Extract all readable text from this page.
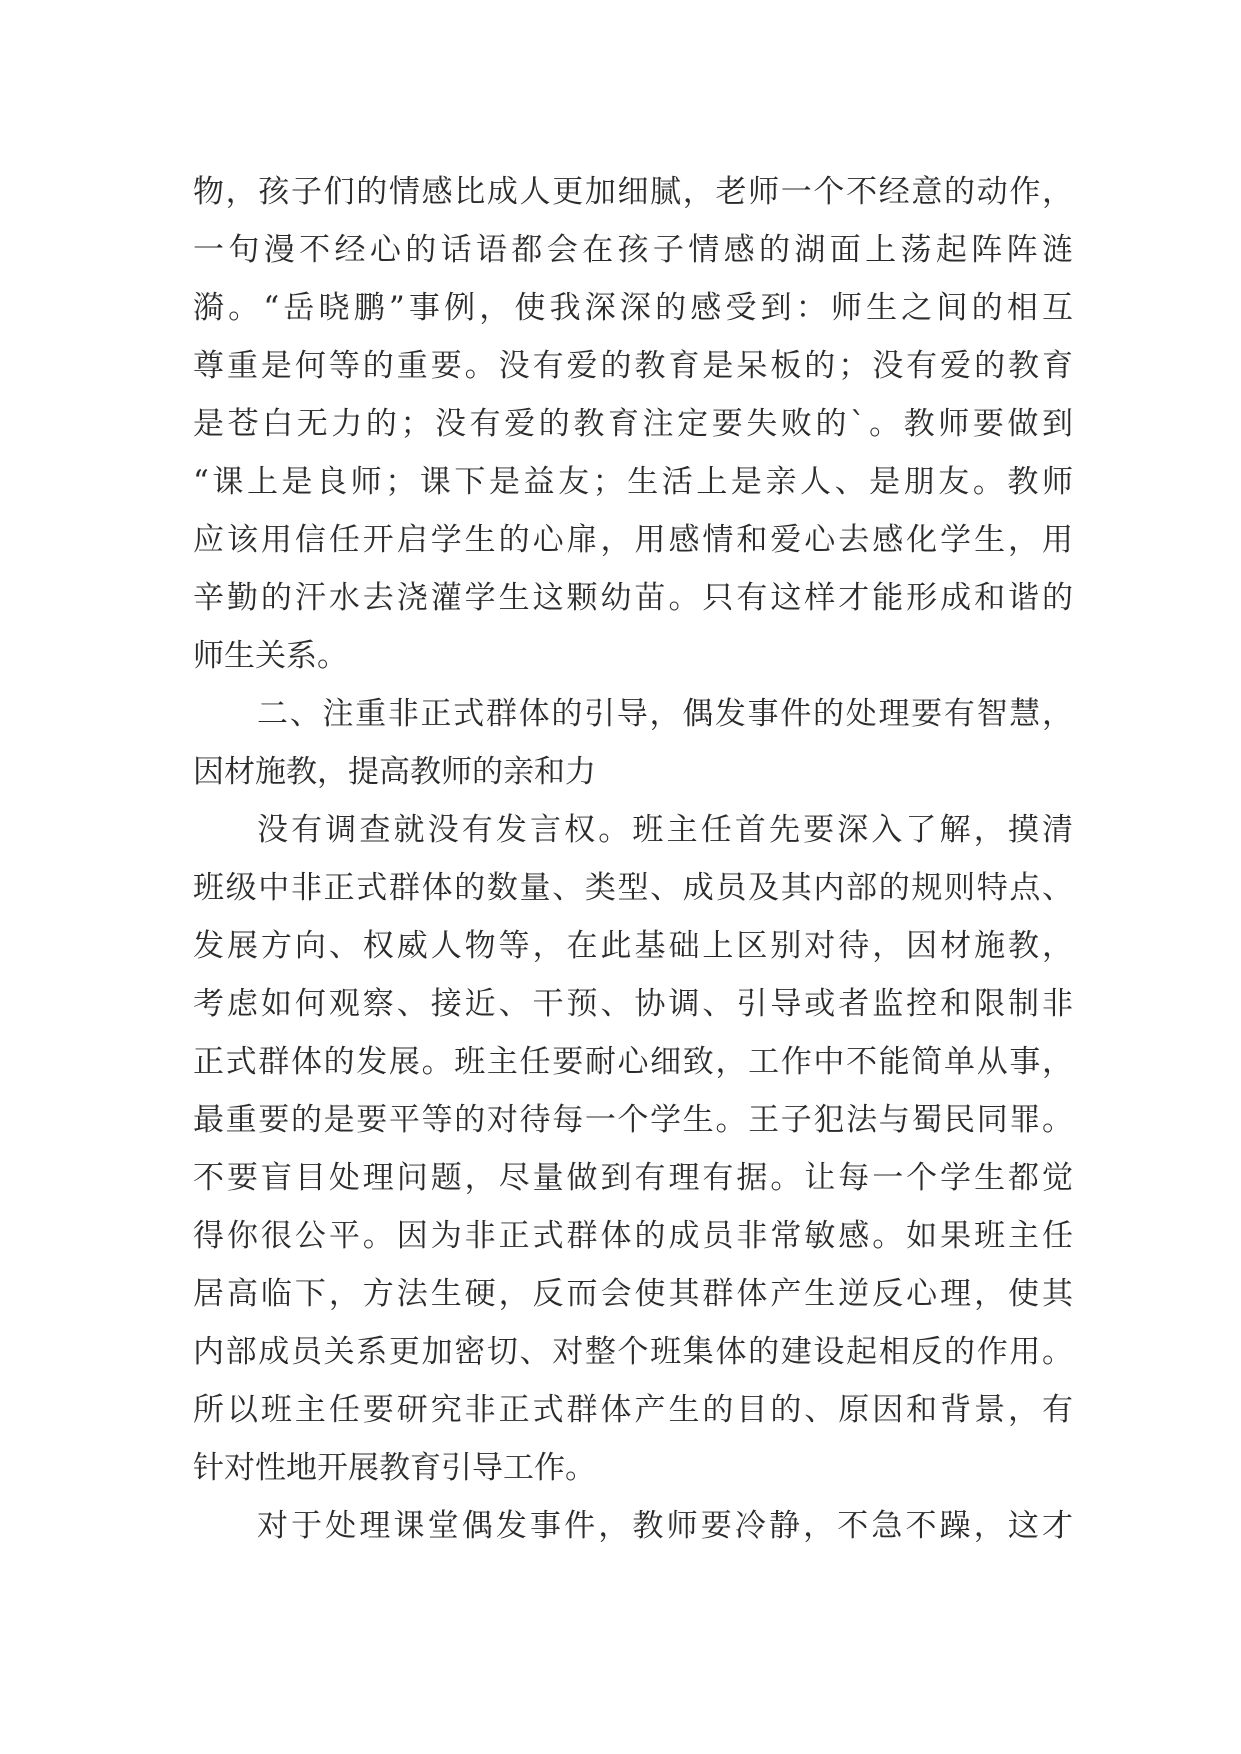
物，孩子们的情感比成人更加细腻，老师一个不经意的动作，
一句漫不经心的话语都会在孩子情感的湖面上荡起阵阵涟
漪。“岳晓鹏”事例，使我深深的感受到：师生之间的相互
尊重是何等的重要。没有爱的教育是呆板的；没有爱的教育
是苍白无力的；没有爱的教育注定要失败的`。教师要做到
“课上是良师；课下是益友；生活上是亲人、是朋友。教师
应该用信任开启学生的心扉，用感情和爱心去感化学生，用
辛勤的汗水去浇灌学生这颗幼苗。只有这样才能形成和谐的
师生关系。
二、注重非正式群体的引导，偶发事件的处理要有智慧，
因材施教，提高教师的亲和力
没有调查就没有发言权。班主任首先要深入了解，摸清
班级中非正式群体的数量、类型、成员及其内部的规则特点、
发展方向、权威人物等，在此基础上区别对待，因材施教，
考虑如何观察、接近、干预、协调、引导或者监控和限制非
正式群体的发展。班主任要耐心细致，工作中不能简单从事，
最重要的是要平等的对待每一个学生。王子犯法与蜀民同罪。
不要盲目处理问题，尽量做到有理有据。让每一个学生都觉
得你很公平。因为非正式群体的成员非常敏感。如果班主任
居高临下，方法生硬，反而会使其群体产生逆反心理，使其
内部成员关系更加密切、对整个班集体的建设起相反的作用。
所以班主任要研究非正式群体产生的目的、原因和背景，有
针对性地开展教育引导工作。
对于处理课堂偶发事件，教师要冷静，不急不躁，这才
